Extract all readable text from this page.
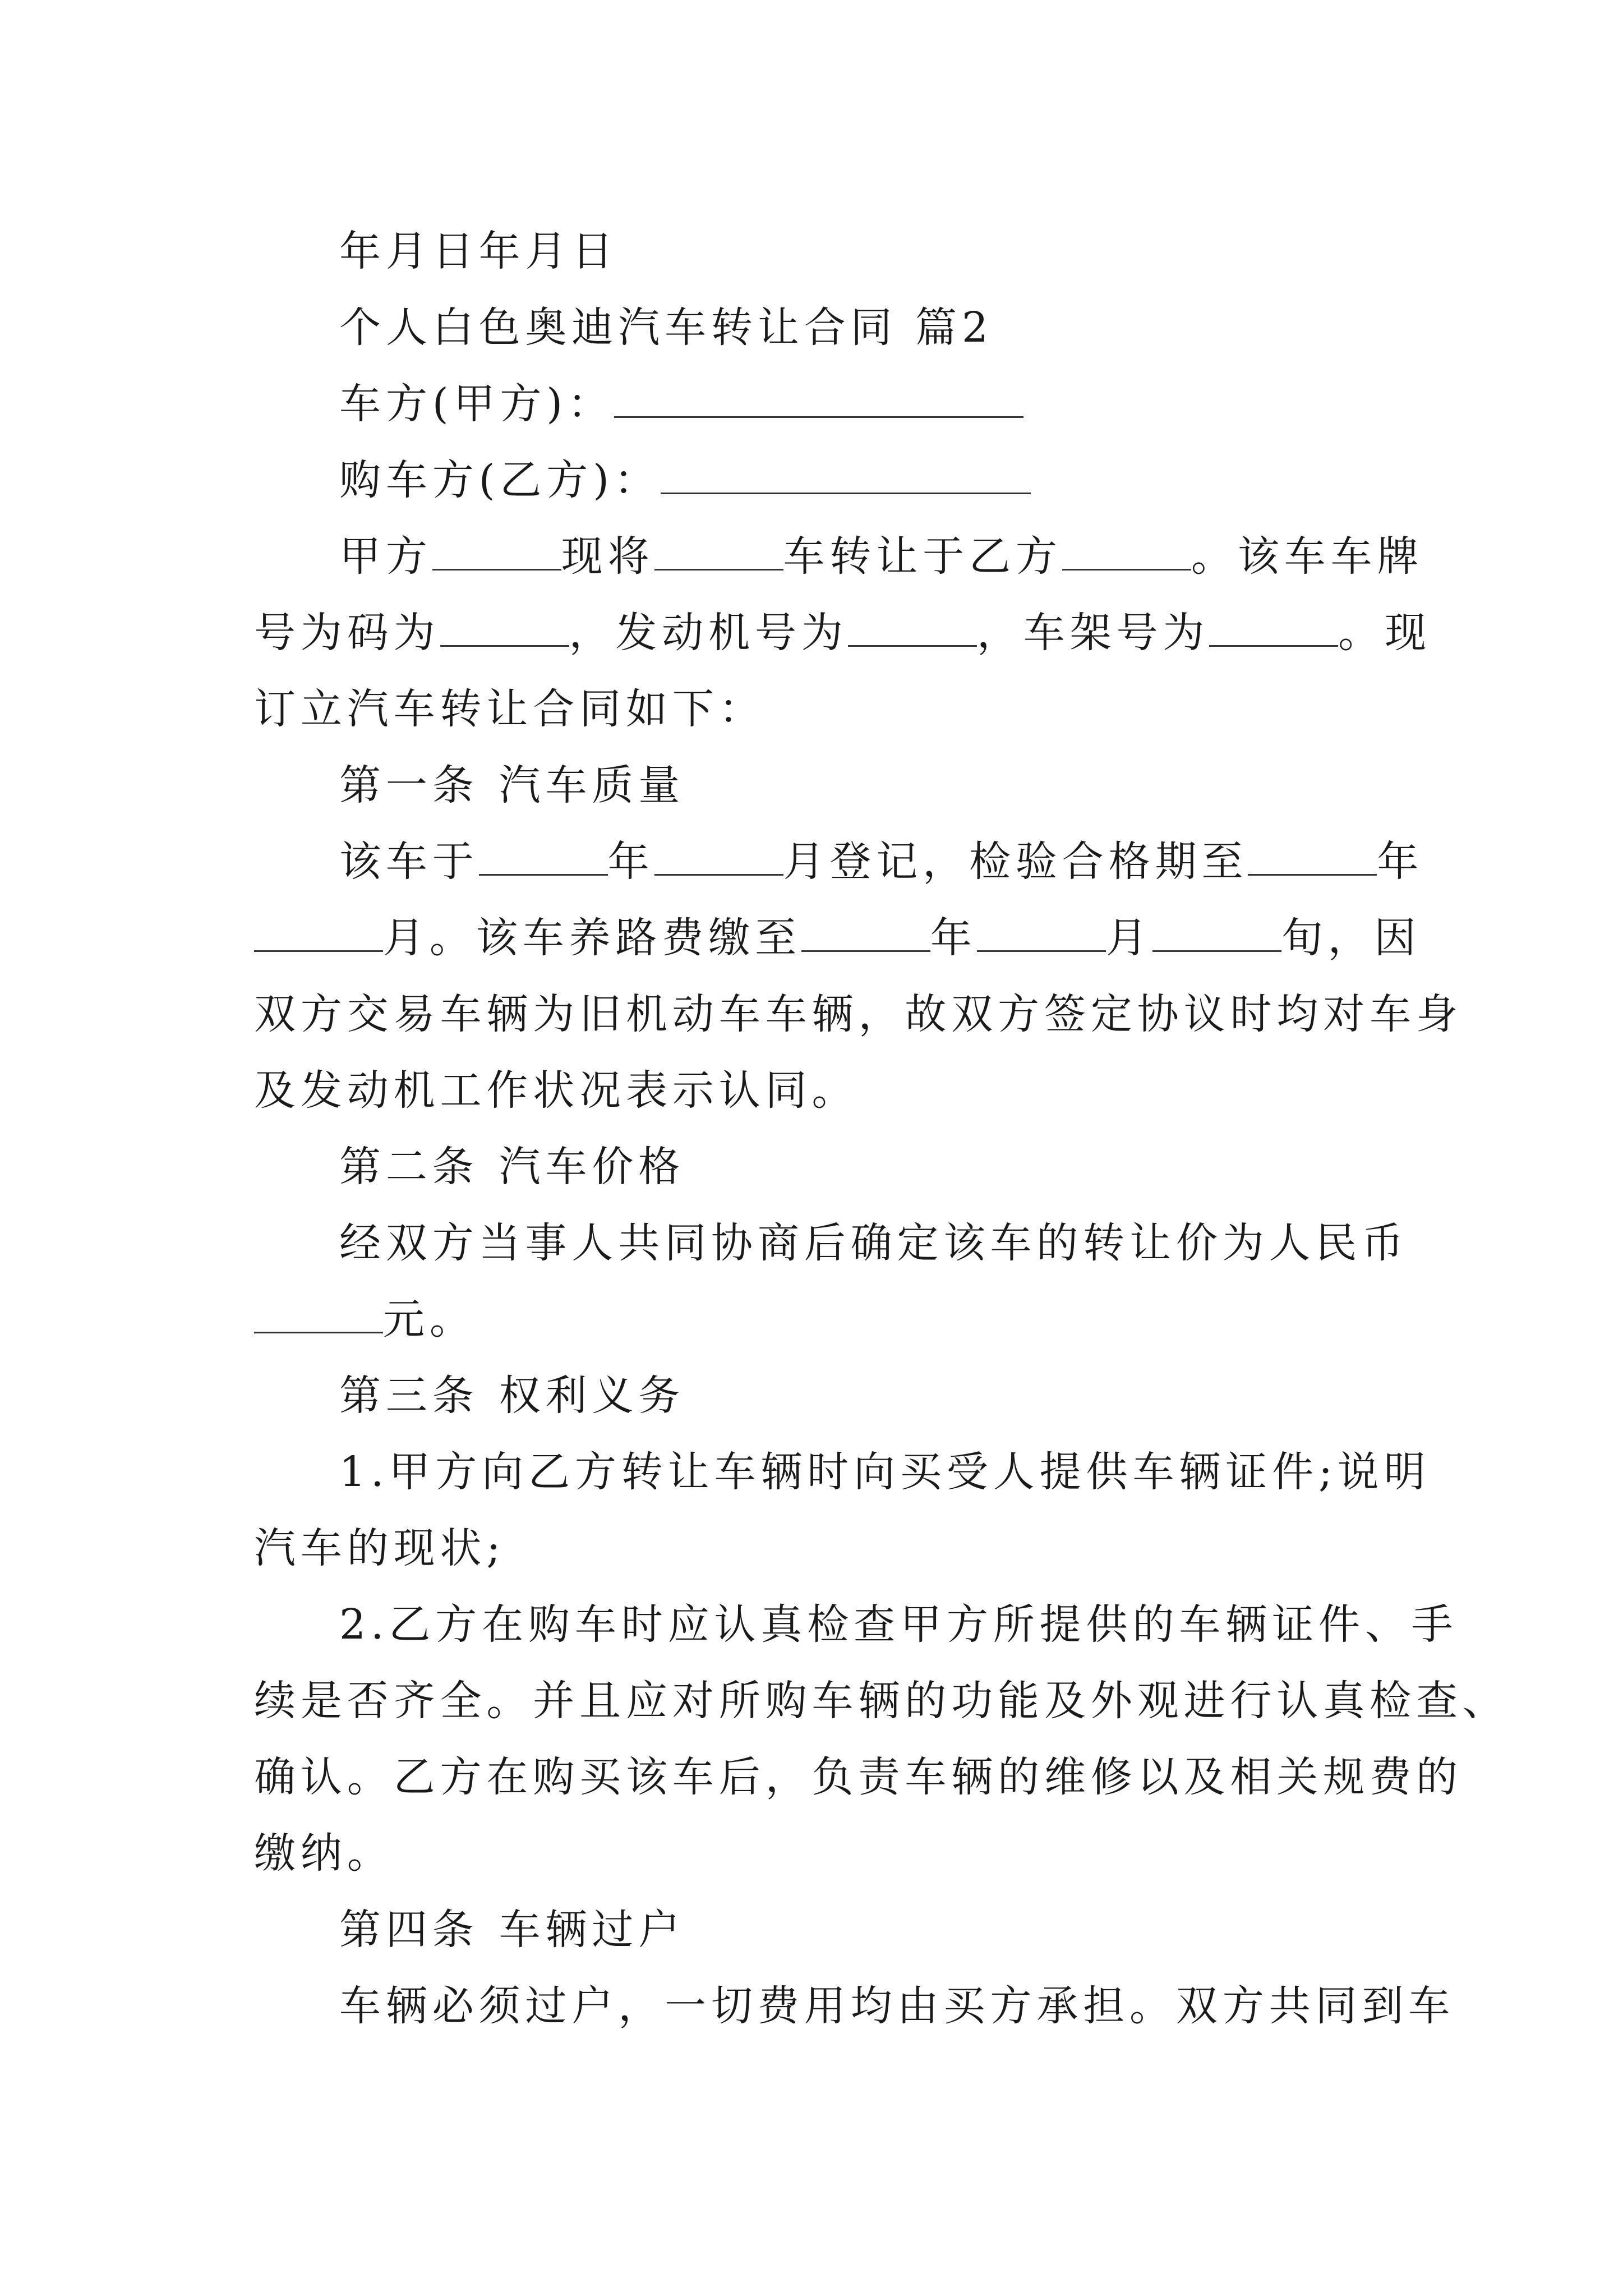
年月日年月日
个人白色奥迪汽车转让合同 篇2
车方(甲方)：
购车方(乙方)：
甲方	现将	车转让于乙方	。该车车牌
号为码为	，发动机号为	，车架号为	。现
订立汽车转让合同如下：
第一条 汽车质量
该车于	年	月登记，检验合格期至	年
月。该车养路费缴至	年	月	旬，因
双方交易车辆为旧机动车车辆，故双方签定协议时均对车身
及发动机工作状况表示认同。
第二条 汽车价格
经双方当事人共同协商后确定该车的转让价为人民币
元。
第三条 权利义务
1.甲方向乙方转让车辆时向买受人提供车辆证件;说明
汽车的现状;
2.乙方在购车时应认真检查甲方所提供的车辆证件、手
续是否齐全。并且应对所购车辆的功能及外观进行认真检查、
确认。乙方在购买该车后，负责车辆的维修以及相关规费的
缴纳。
第四条 车辆过户
车辆必须过户，一切费用均由买方承担。双方共同到车
